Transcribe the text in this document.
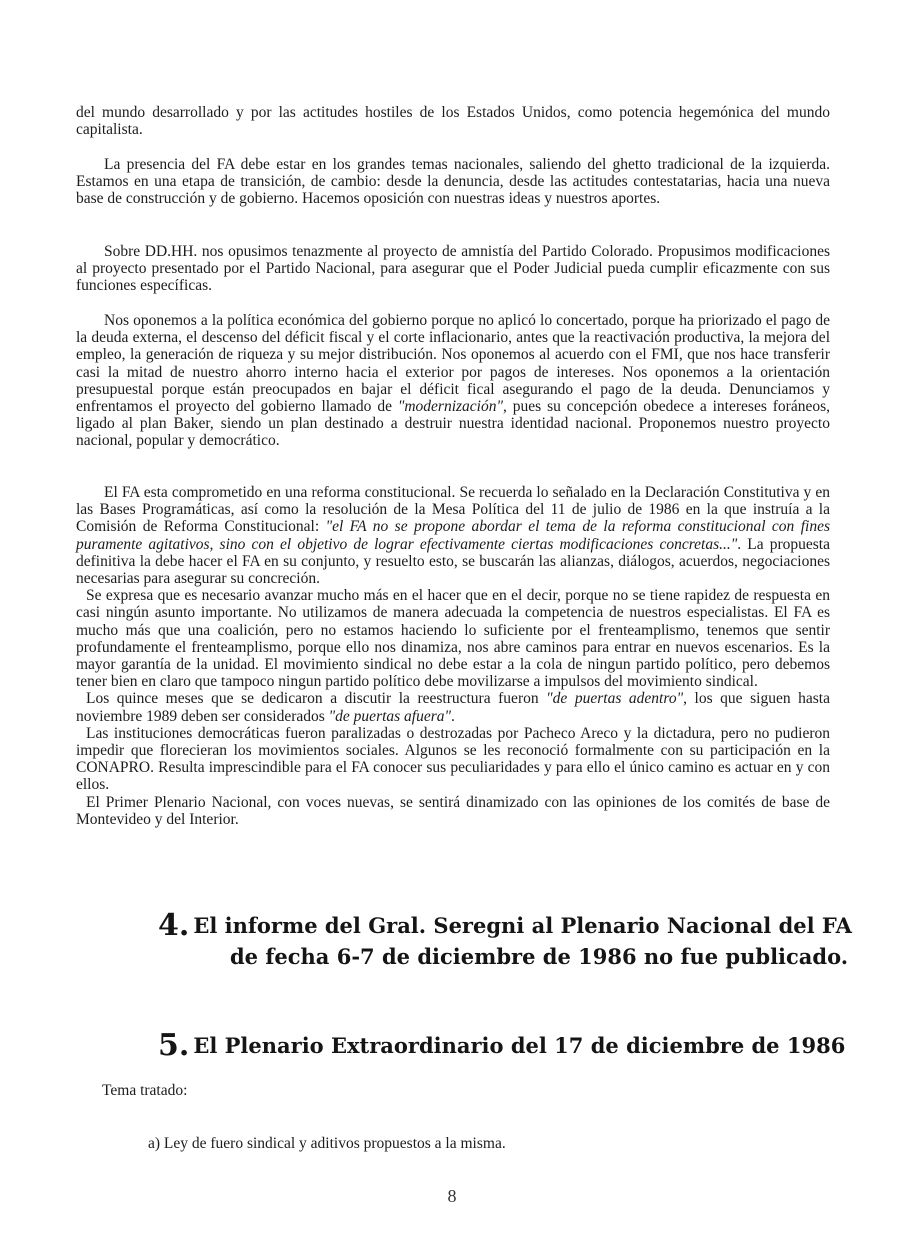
del mundo desarrollado y por las actitudes hostiles de los Estados Unidos, como potencia hegemónica del mundo capitalista.

La presencia del FA debe estar en los grandes temas nacionales, saliendo del ghetto tradicional de la izquierda. Estamos en una etapa de transición, de cambio: desde la denuncia, desde las actitudes contestatarias, hacia una nueva base de construcción y de gobierno. Hacemos oposición con nuestras ideas y nuestros aportes.

Sobre DD.HH. nos opusimos tenazmente al proyecto de amnistía del Partido Colorado. Propusimos modificaciones al proyecto presentado por el Partido Nacional, para asegurar que el Poder Judicial pueda cumplir eficazmente con sus funciones específicas.

Nos oponemos a la política económica del gobierno porque no aplicó lo concertado, porque ha priorizado el pago de la deuda externa, el descenso del déficit fiscal y el corte inflacionario, antes que la reactivación productiva, la mejora del empleo, la generación de riqueza y su mejor distribución. Nos oponemos al acuerdo con el FMI, que nos hace transferir casi la mitad de nuestro ahorro interno hacia el exterior por pagos de intereses. Nos oponemos a la orientación presupuestal porque están preocupados en bajar el déficit fical asegurando el pago de la deuda. Denunciamos y enfrentamos el proyecto del gobierno llamado de "modernización", pues su concepción obedece a intereses foráneos, ligado al plan Baker, siendo un plan destinado a destruir nuestra identidad nacional. Proponemos nuestro proyecto nacional, popular y democrático.

El FA esta comprometido en una reforma constitucional. Se recuerda lo señalado en la Declaración Constitutiva y en las Bases Programáticas, así como la resolución de la Mesa Política del 11 de julio de 1986 en la que instruía a la Comisión de Reforma Constitucional: "el FA no se propone abordar el tema de la reforma constitucional con fines puramente agitativos, sino con el objetivo de lograr efectivamente ciertas modificaciones concretas...". La propuesta definitiva la debe hacer el FA en su conjunto, y resuelto esto, se buscarán las alianzas, diálogos, acuerdos, negociaciones necesarias para asegurar su concreción.

Se expresa que es necesario avanzar mucho más en el hacer que en el decir, porque no se tiene rapidez de respuesta en casi ningún asunto importante. No utilizamos de manera adecuada la competencia de nuestros especialistas. El FA es mucho más que una coalición, pero no estamos haciendo lo suficiente por el frenteamplismo, tenemos que sentir profundamente el frenteamplismo, porque ello nos dinamiza, nos abre caminos para entrar en nuevos escenarios. Es la mayor garantía de la unidad. El movimiento sindical no debe estar a la cola de ningun partido político, pero debemos tener bien en claro que tampoco ningun partido político debe movilizarse a impulsos del movimiento sindical.

Los quince meses que se dedicaron a discutir la reestructura fueron "de puertas adentro", los que siguen hasta noviembre 1989 deben ser considerados "de puertas afuera".

Las instituciones democráticas fueron paralizadas o destrozadas por Pacheco Areco y la dictadura, pero no pudieron impedir que florecieran los movimientos sociales. Algunos se les reconoció formalmente con su participación en la CONAPRO. Resulta imprescindible para el FA conocer sus peculiaridades y para ello el único camino es actuar en y con ellos.

El Primer Plenario Nacional, con voces nuevas, se sentirá dinamizado con las opiniones de los comités de base de Montevideo y del Interior.

4. El informe del Gral. Seregni al Plenario Nacional del FA
de fecha 6-7 de diciembre de 1986 no fue publicado.
5. El Plenario Extraordinario del 17 de diciembre de 1986
Tema tratado:
a) Ley de fuero sindical y aditivos propuestos a la misma.
8
